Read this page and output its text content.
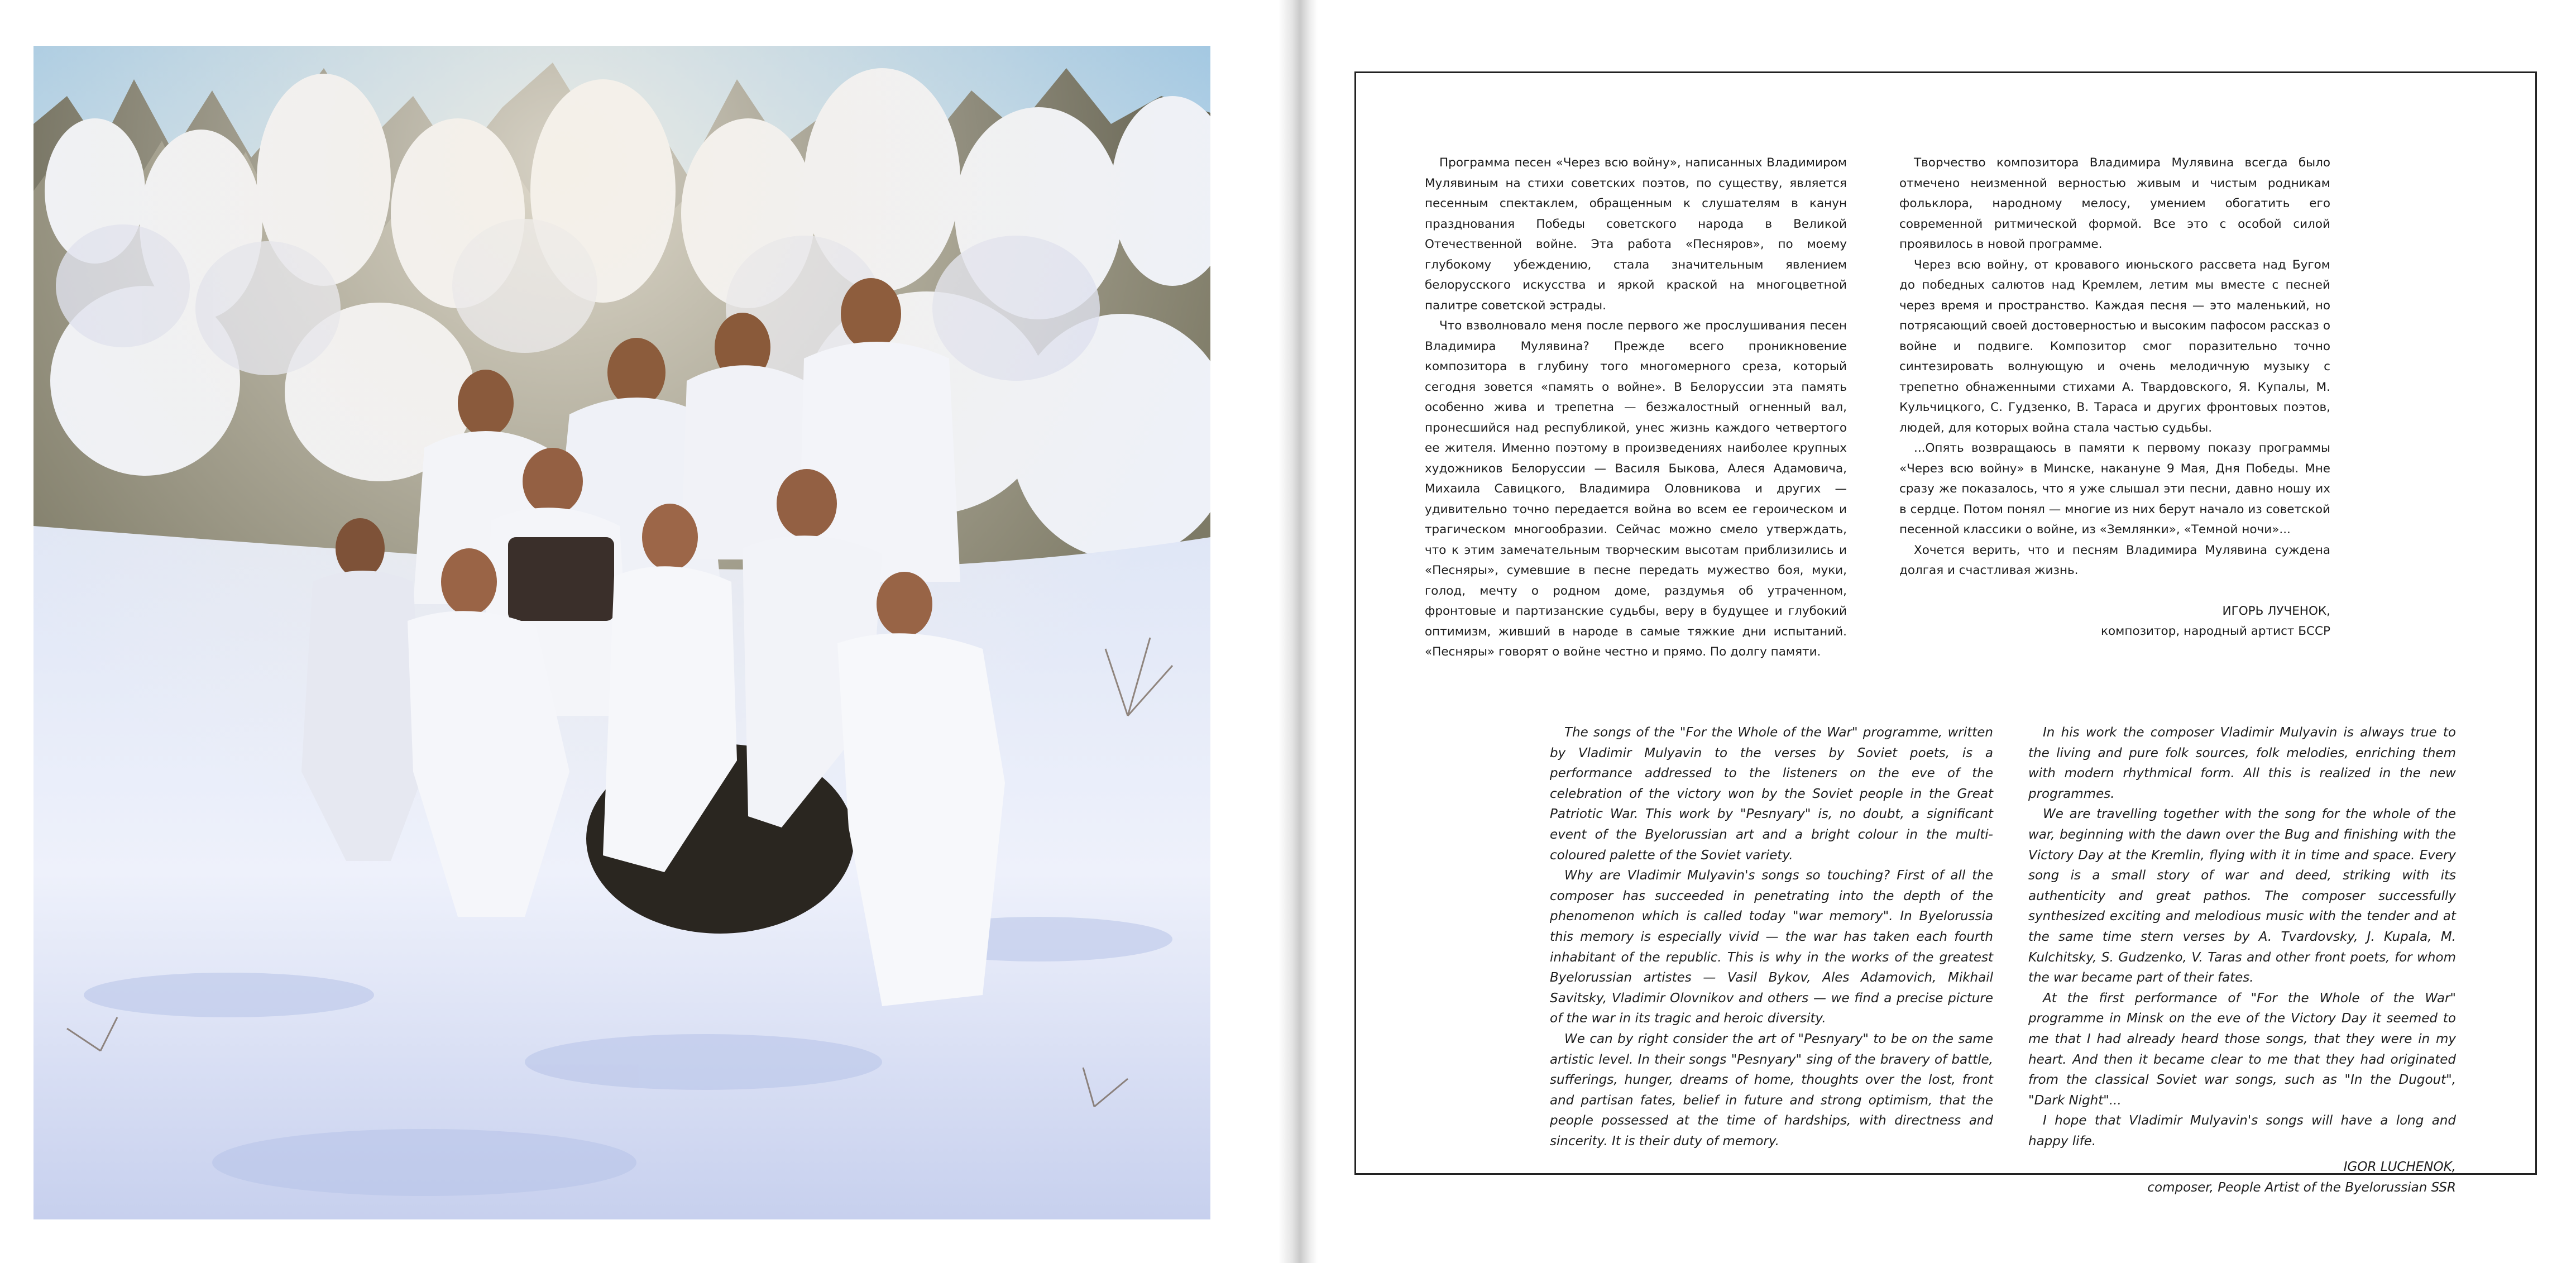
Программа песен «Через всю войну», написанных Владимиром Мулявиным на стихи советских поэтов, по существу, является песенным спектаклем, обращенным к слушателям в канун празднования Победы советского народа в Великой Отечественной войне. Эта работа «Песняров», по моему глубокому убеждению, стала значительным явлением белорусского искусства и яркой краской на многоцветной палитре советской эстрады.

Что взволновало меня после первого же прослушивания песен Владимира Мулявина? Прежде всего проникновение композитора в глубину того многомерного среза, который сегодня зовется «память о войне». В Белоруссии эта память особенно жива и трепетна — безжалостный огненный вал, пронесшийся над республикой, унес жизнь каждого четвертого ее жителя. Именно поэтому в произведениях наиболее крупных художников Белоруссии — Василя Быкова, Алеся Адамовича, Михаила Савицкого, Владимира Оловникова и других — удивительно точно передается война во всем ее героическом и трагическом многообразии. Сейчас можно смело утверждать, что к этим замечательным творческим высотам приблизились и «Песняры», сумевшие в песне передать мужество боя, муки, голод, мечту о родном доме, раздумья об утраченном, фронтовые и партизанские судьбы, веру в будущее и глубокий оптимизм, живший в народе в самые тяжкие дни испытаний. «Песняры» говорят о войне честно и прямо. По долгу памяти.

Творчество композитора Владимира Мулявина всегда было отмечено неизменной верностью живым и чистым родникам фольклора, народному мелосу, умением обогатить его современной ритмической формой. Все это с особой силой проявилось в новой программе.

Через всю войну, от кровавого июньского рассвета над Бугом до победных салютов над Кремлем, летим мы вместе с песней через время и пространство. Каждая песня — это маленький, но потрясающий своей достоверностью и высоким пафосом рассказ о войне и подвиге. Композитор смог поразительно точно синтезировать волнующую и очень мелодичную музыку с трепетно обнаженными стихами А. Твардовского, Я. Купалы, М. Кульчицкого, С. Гудзенко, В. Тараса и других фронтовых поэтов, людей, для которых война стала частью судьбы.

...Опять возвращаюсь в памяти к первому показу программы «Через всю войну» в Минске, накануне 9 Мая, Дня Победы. Мне сразу же показалось, что я уже слышал эти песни, давно ношу их в сердце. Потом понял — многие из них берут начало из советской песенной классики о войне, из «Землянки», «Темной ночи»...

Хочется верить, что и песням Владимира Мулявина суждена долгая и счастливая жизнь.

ИГОРЬ ЛУЧЕНОК,

композитор, народный артист БССР

The songs of the "For the Whole of the War" programme, written by Vladimir Mulyavin to the verses by Soviet poets, is a performance addressed to the listeners on the eve of the celebration of the victory won by the Soviet people in the Great Patriotic War. This work by "Pesnyary" is, no doubt, a significant event of the Byelorussian art and a bright colour in the multi-coloured palette of the Soviet variety.

Why are Vladimir Mulyavin's songs so touching? First of all the composer has succeeded in penetrating into the depth of the phenomenon which is called today "war memory". In Byelorussia this memory is especially vivid — the war has taken each fourth inhabitant of the republic. This is why in the works of the greatest Byelorussian artistes — Vasil Bykov, Ales Adamovich, Mikhail Savitsky, Vladimir Olovnikov and others — we find a precise picture of the war in its tragic and heroic diversity.

We can by right consider the art of "Pesnyary" to be on the same artistic level. In their songs "Pesnyary" sing of the bravery of battle, sufferings, hunger, dreams of home, thoughts over the lost, front and partisan fates, belief in future and strong optimism, that the people possessed at the time of hardships, with directness and sincerity. It is their duty of memory.

In his work the composer Vladimir Mulyavin is always true to the living and pure folk sources, folk melodies, enriching them with modern rhythmical form. All this is realized in the new programmes.

We are travelling together with the song for the whole of the war, beginning with the dawn over the Bug and finishing with the Victory Day at the Kremlin, flying with it in time and space. Every song is a small story of war and deed, striking with its authenticity and great pathos. The composer successfully synthesized exciting and melodious music with the tender and at the same time stern verses by A. Tvardovsky, J. Kupala, M. Kulchitsky, S. Gudzenko, V. Taras and other front poets, for whom the war became part of their fates.

At the first performance of "For the Whole of the War" programme in Minsk on the eve of the Victory Day it seemed to me that I had already heard those songs, that they were in my heart. And then it became clear to me that they had originated from the classical Soviet war songs, such as "In the Dugout", "Dark Night"...

I hope that Vladimir Mulyavin's songs will have a long and happy life.

IGOR LUCHENOK,

composer, People Artist of the Byelorussian SSR
